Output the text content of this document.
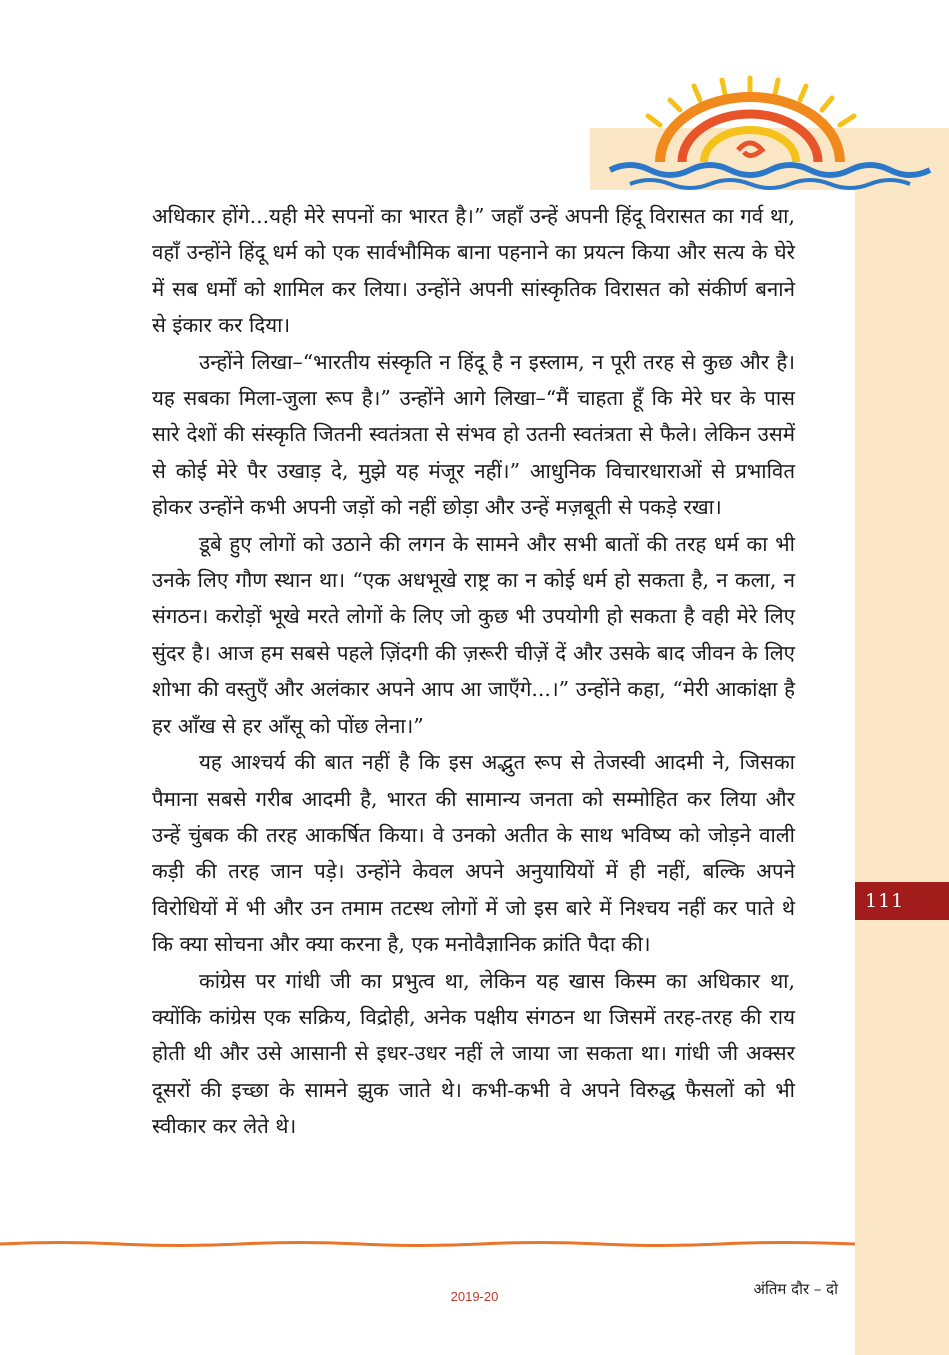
111

अधिकार होंगे...यही मेरे सपनों का भारत है।” जहाँ उन्हें अपनी हिंदू विरासत का गर्व था, वहाँ उन्होंने हिंदू धर्म को एक सार्वभौमिक बाना पहनाने का प्रयत्न किया और सत्य के घेरे में सब धर्मों को शामिल कर लिया। उन्होंने अपनी सांस्कृतिक विरासत को संकीर्ण बनाने से इंकार कर दिया।

उन्होंने लिखा–“भारतीय संस्कृति न हिंदू है न इस्लाम, न पूरी तरह से कुछ और है। यह सबका मिला-जुला रूप है।” उन्होंने आगे लिखा–“मैं चाहता हूँ कि मेरे घर के पास सारे देशों की संस्कृति जितनी स्वतंत्रता से संभव हो उतनी स्वतंत्रता से फैले। लेकिन उसमें से कोई मेरे पैर उखाड़ दे, मुझे यह मंजूर नहीं।” आधुनिक विचारधाराओं से प्रभावित होकर उन्होंने कभी अपनी जड़ों को नहीं छोड़ा और उन्हें मज़बूती से पकड़े रखा।

डूबे हुए लोगों को उठाने की लगन के सामने और सभी बातों की तरह धर्म का भी उनके लिए गौण स्थान था। “एक अधभूखे राष्ट्र का न कोई धर्म हो सकता है, न कला, न संगठन। करोड़ों भूखे मरते लोगों के लिए जो कुछ भी उपयोगी हो सकता है वही मेरे लिए सुंदर है। आज हम सबसे पहले ज़िंदगी की ज़रूरी चीज़ें दें और उसके बाद जीवन के लिए शोभा की वस्तुएँ और अलंकार अपने आप आ जाएँगे...।” उन्होंने कहा, “मेरी आकांक्षा है हर आँख से हर आँसू को पोंछ लेना।”

यह आश्चर्य की बात नहीं है कि इस अद्भुत रूप से तेजस्वी आदमी ने, जिसका पैमाना सबसे गरीब आदमी है, भारत की सामान्य जनता को सम्मोहित कर लिया और उन्हें चुंबक की तरह आकर्षित किया। वे उनको अतीत के साथ भविष्य को जोड़ने वाली कड़ी की तरह जान पड़े। उन्होंने केवल अपने अनुयायियों में ही नहीं, बल्कि अपने विरोधियों में भी और उन तमाम तटस्थ लोगों में जो इस बारे में निश्चय नहीं कर पाते थे कि क्या सोचना और क्या करना है, एक मनोवैज्ञानिक क्रांति पैदा की।

कांग्रेस पर गांधी जी का प्रभुत्व था, लेकिन यह खास किस्म का अधिकार था, क्योंकि कांग्रेस एक सक्रिय, विद्रोही, अनेक पक्षीय संगठन था जिसमें तरह-तरह की राय होती थी और उसे आसानी से इधर-उधर नहीं ले जाया जा सकता था। गांधी जी अक्सर दूसरों की इच्छा के सामने झुक जाते थे। कभी-कभी वे अपने विरुद्ध फैसलों को भी स्वीकार कर लेते थे।

अंतिम दौर – दो
2019-20
